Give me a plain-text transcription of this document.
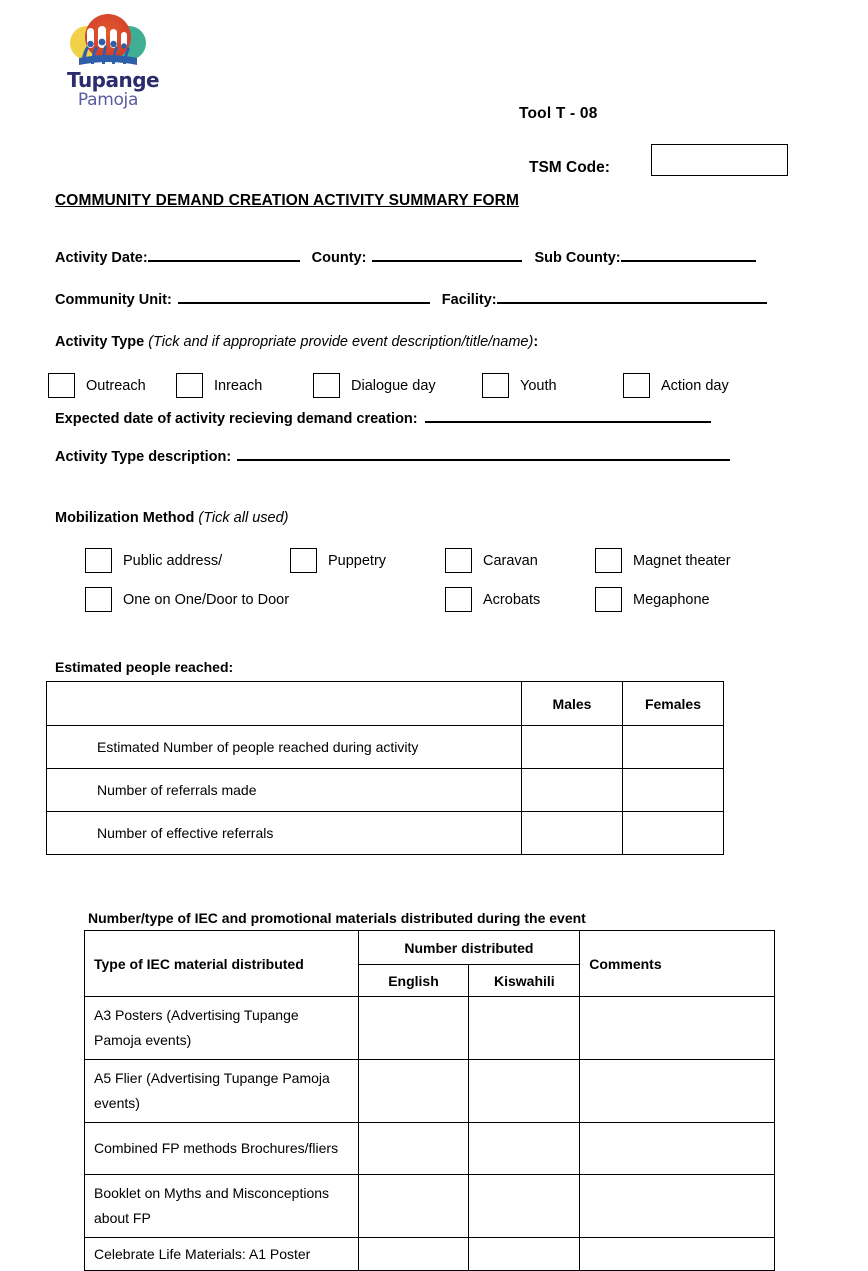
Tupange
Pamoja
Tool T - 08
TSM Code:
COMMUNITY DEMAND CREATION ACTIVITY SUMMARY FORM
Activity Date:	County:	Sub County:
Community Unit:	Facility:
Activity Type (Tick and if appropriate provide event description/title/name):
Outreach	Inreach	Dialogue day	Youth	Action day
Expected date of activity recieving demand creation:
Activity Type description:
Mobilization Method (Tick all used)
Public address/	Puppetry	Caravan	Magnet theater
One on One/Door to Door	Acrobats	Megaphone
Estimated people reached:
	Males	Females
Estimated Number of people reached during activity		
Number of referrals made		
Number of effective referrals		
Number/type of IEC and promotional materials distributed during the event
Type of IEC material distributed	Number distributed		Comments
	English	Kiswahili	
A3 Posters (Advertising Tupange Pamoja events)			
A5 Flier (Advertising Tupange Pamoja events)			
Combined FP methods Brochures/fliers			
Booklet on Myths and Misconceptions about FP			
Celebrate Life Materials: A1 Poster			
